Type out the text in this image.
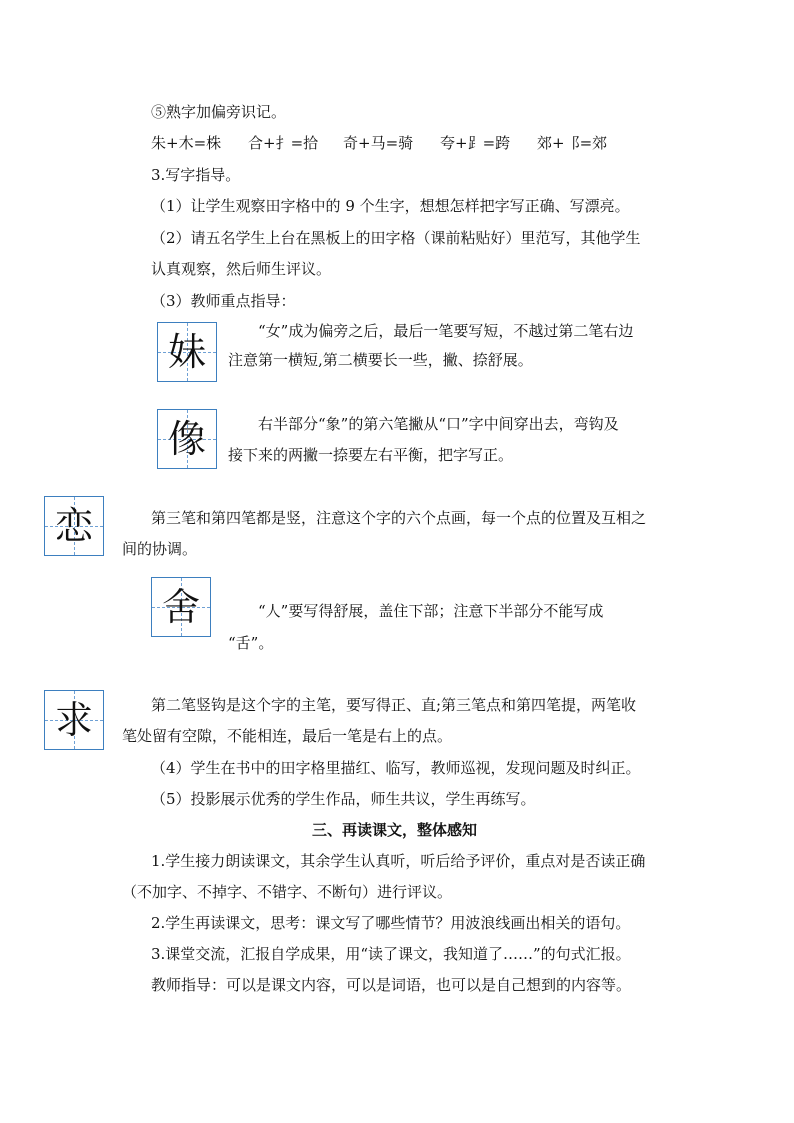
⑤熟字加偏旁识记。
朱+木=株 合+扌=拾 奇+马=骑 夸+⻊=跨 郊+⻏=郊
3.写字指导。
（1）让学生观察田字格中的 9 个生字，想想怎样把字写正确、写漂亮。
（2）请五名学生上台在黑板上的田字格（课前粘贴好）里范写，其他学生
认真观察，然后师生评议。
（3）教师重点指导：
妹	“女”成为偏旁之后，最后一笔要写短，不越过第二笔右边
注意第一横短,第二横要长一些，撇、捺舒展。
像	右半部分“象”的第六笔撇从“口”字中间穿出去，弯钩及
接下来的两撇一捺要左右平衡，把字写正。
恋	第三笔和第四笔都是竖，注意这个字的六个点画，每一个点的位置及互相之
间的协调。
舍	“人”要写得舒展，盖住下部；注意下半部分不能写成
“舌”。
求	第二笔竖钩是这个字的主笔，要写得正、直;第三笔点和第四笔提，两笔收
笔处留有空隙，不能相连，最后一笔是右上的点。
（4）学生在书中的田字格里描红、临写，教师巡视，发现问题及时纠正。
（5）投影展示优秀的学生作品，师生共议，学生再练写。
三、再读课文，整体感知
1.学生接力朗读课文，其余学生认真听，听后给予评价，重点对是否读正确
（不加字、不掉字、不错字、不断句）进行评议。
2.学生再读课文，思考：课文写了哪些情节？用波浪线画出相关的语句。
3.课堂交流，汇报自学成果，用“读了课文，我知道了……”的句式汇报。
教师指导：可以是课文内容，可以是词语，也可以是自己想到的内容等。
